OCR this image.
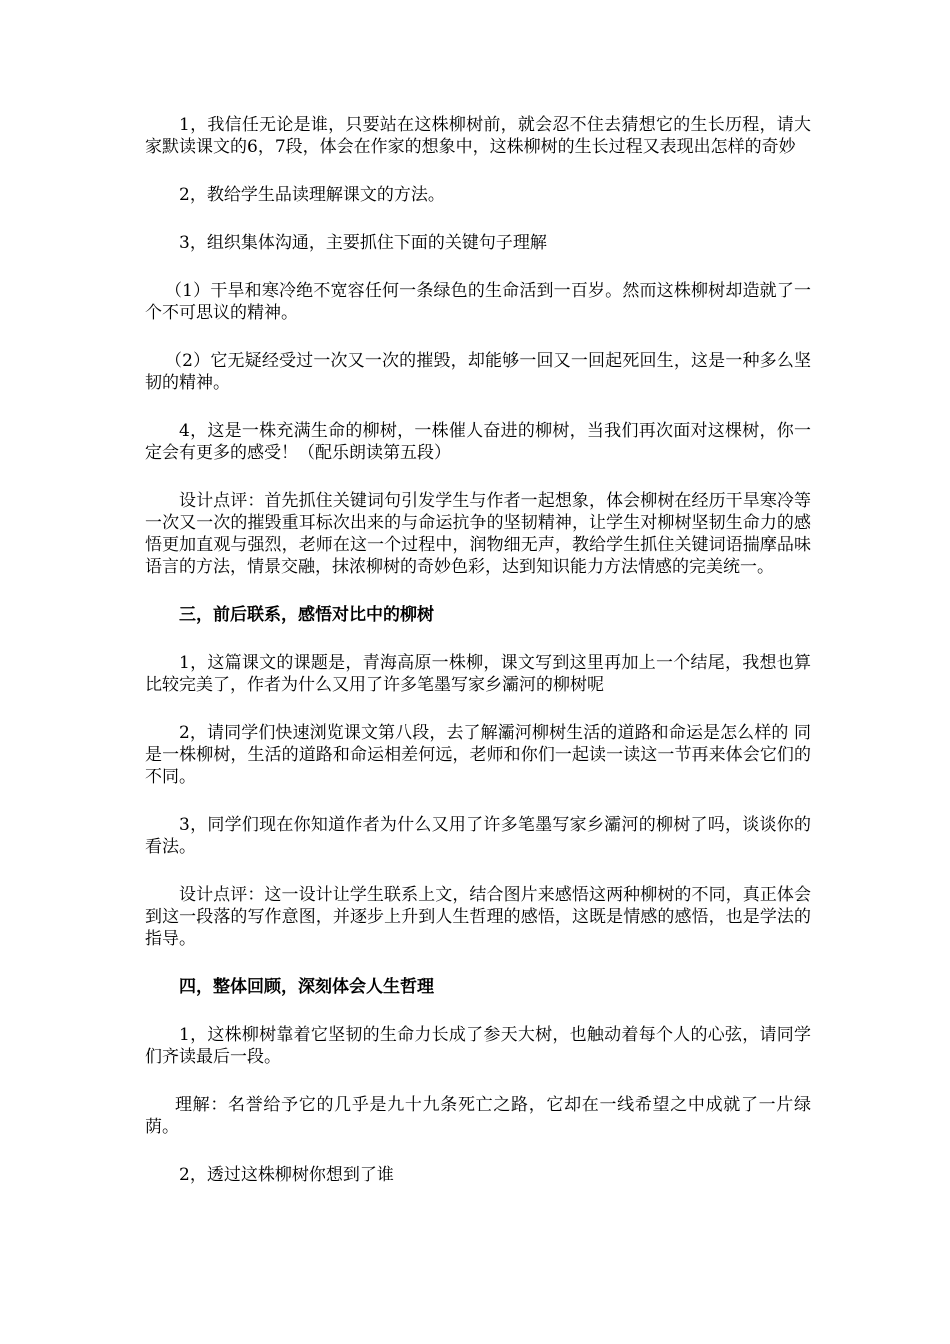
1，我信任无论是谁，只要站在这株柳树前，就会忍不住去猜想它的生长历程，请大家默读课文的6，7段，体会在作家的想象中，这株柳树的生长过程又表现出怎样的奇妙

2，教给学生品读理解课文的方法。

3，组织集体沟通，主要抓住下面的关键句子理解

（1）干旱和寒冷绝不宽容任何一条绿色的生命活到一百岁。然而这株柳树却造就了一个不可思议的精神。

（2）它无疑经受过一次又一次的摧毁，却能够一回又一回起死回生，这是一种多么坚韧的精神。

4，这是一株充满生命的柳树，一株催人奋进的柳树，当我们再次面对这棵树，你一定会有更多的感受！（配乐朗读第五段）

设计点评：首先抓住关键词句引发学生与作者一起想象，体会柳树在经历干旱寒冷等一次又一次的摧毁重耳标次出来的与命运抗争的坚韧精神，让学生对柳树坚韧生命力的感悟更加直观与强烈，老师在这一个过程中，润物细无声，教给学生抓住关键词语揣摩品味语言的方法，情景交融，抹浓柳树的奇妙色彩，达到知识能力方法情感的完美统一。

三，前后联系，感悟对比中的柳树

1，这篇课文的课题是，青海高原一株柳，课文写到这里再加上一个结尾，我想也算比较完美了，作者为什么又用了许多笔墨写家乡灞河的柳树呢

2，请同学们快速浏览课文第八段，去了解灞河柳树生活的道路和命运是怎么样的 同是一株柳树，生活的道路和命运相差何远，老师和你们一起读一读这一节再来体会它们的不同。

3，同学们现在你知道作者为什么又用了许多笔墨写家乡灞河的柳树了吗，谈谈你的看法。

设计点评：这一设计让学生联系上文，结合图片来感悟这两种柳树的不同，真正体会到这一段落的写作意图，并逐步上升到人生哲理的感悟，这既是情感的感悟，也是学法的指导。

四，整体回顾，深刻体会人生哲理

1，这株柳树靠着它坚韧的生命力长成了参天大树，也触动着每个人的心弦，请同学们齐读最后一段。

理解：名誉给予它的几乎是九十九条死亡之路，它却在一线希望之中成就了一片绿荫。

2，透过这株柳树你想到了谁
